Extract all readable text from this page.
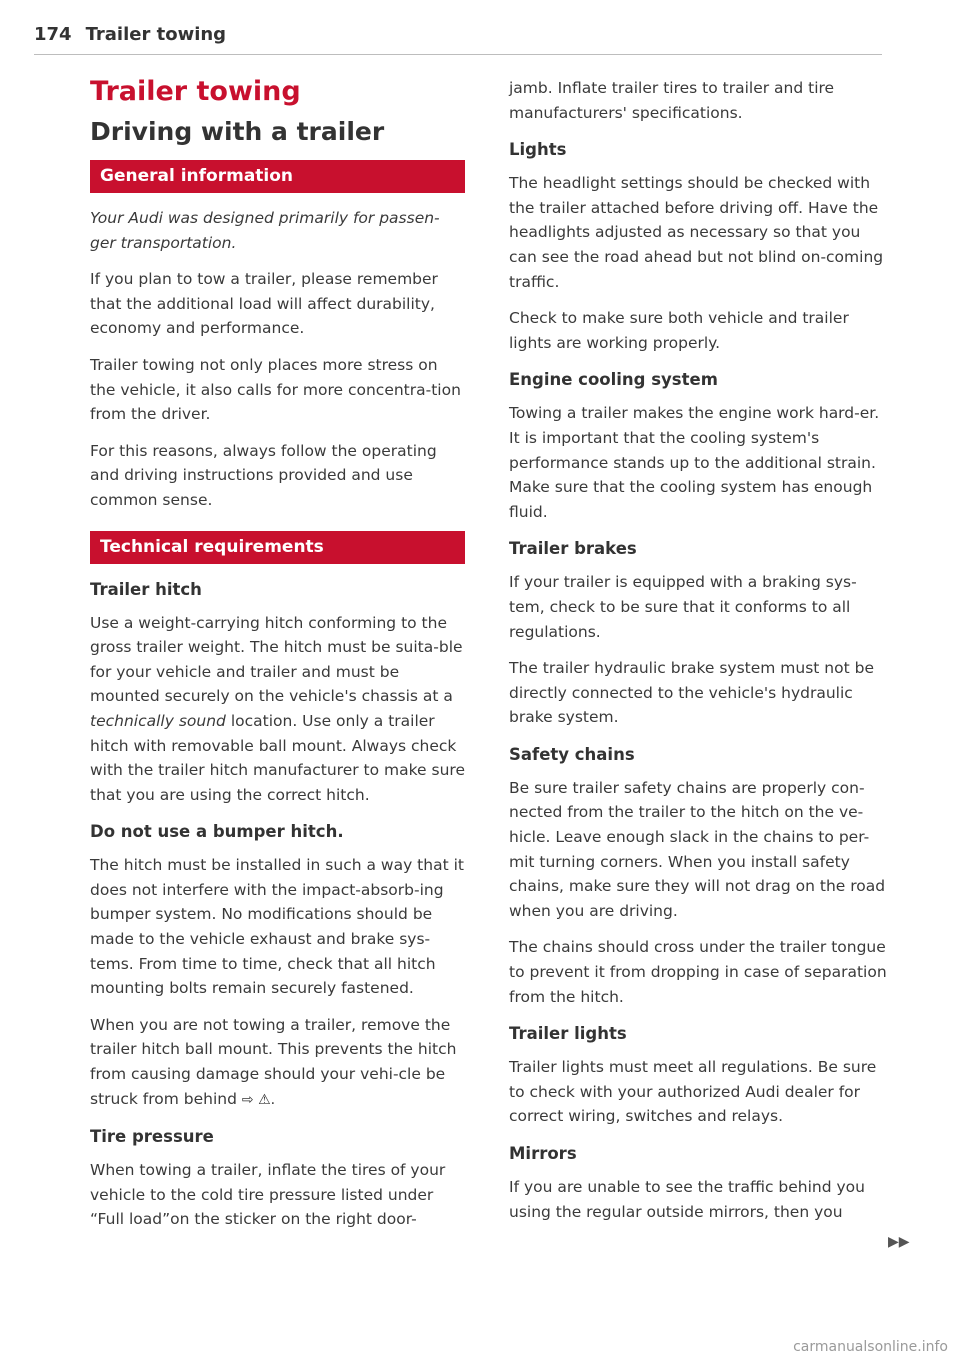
174 Trailer towing
Trailer towing
Driving with a trailer
General information

Your Audi was designed primarily for passen-ger transportation.

If you plan to tow a trailer, please remember that the additional load will affect durability, economy and performance.

Trailer towing not only places more stress on the vehicle, it also calls for more concentra-tion from the driver.

For this reasons, always follow the operating and driving instructions provided and use common sense.

Technical requirements
Trailer hitch

Use a weight-carrying hitch conforming to the gross trailer weight. The hitch must be suita-ble for your vehicle and trailer and must be mounted securely on the vehicle's chassis at a technically sound location. Use only a trailer hitch with removable ball mount. Always check with the trailer hitch manufacturer to make sure that you are using the correct hitch.

Do not use a bumper hitch.

The hitch must be installed in such a way that it does not interfere with the impact-absorb-ing bumper system. No modifications should be made to the vehicle exhaust and brake sys-tems. From time to time, check that all hitch mounting bolts remain securely fastened.

When you are not towing a trailer, remove the trailer hitch ball mount. This prevents the hitch from causing damage should your vehi-cle be struck from behind ⇨ ⚠.

Tire pressure

When towing a trailer, inflate the tires of your vehicle to the cold tire pressure listed under “Full load”on the sticker on the right door-

jamb. Inflate trailer tires to trailer and tire manufacturers' specifications.

Lights

The headlight settings should be checked with the trailer attached before driving off. Have the headlights adjusted as necessary so that you can see the road ahead but not blind on-coming traffic.

Check to make sure both vehicle and trailer lights are working properly.

Engine cooling system

Towing a trailer makes the engine work hard-er. It is important that the cooling system's performance stands up to the additional strain. Make sure that the cooling system has enough fluid.

Trailer brakes

If your trailer is equipped with a braking sys-tem, check to be sure that it conforms to all regulations.

The trailer hydraulic brake system must not be directly connected to the vehicle's hydraulic brake system.

Safety chains

Be sure trailer safety chains are properly con-nected from the trailer to the hitch on the ve-hicle. Leave enough slack in the chains to per-mit turning corners. When you install safety chains, make sure they will not drag on the road when you are driving.

The chains should cross under the trailer tongue to prevent it from dropping in case of separation from the hitch.

Trailer lights

Trailer lights must meet all regulations. Be sure to check with your authorized Audi dealer for correct wiring, switches and relays.

Mirrors

If you are unable to see the traffic behind you using the regular outside mirrors, then you

▶▶
carmanualsonline.info
